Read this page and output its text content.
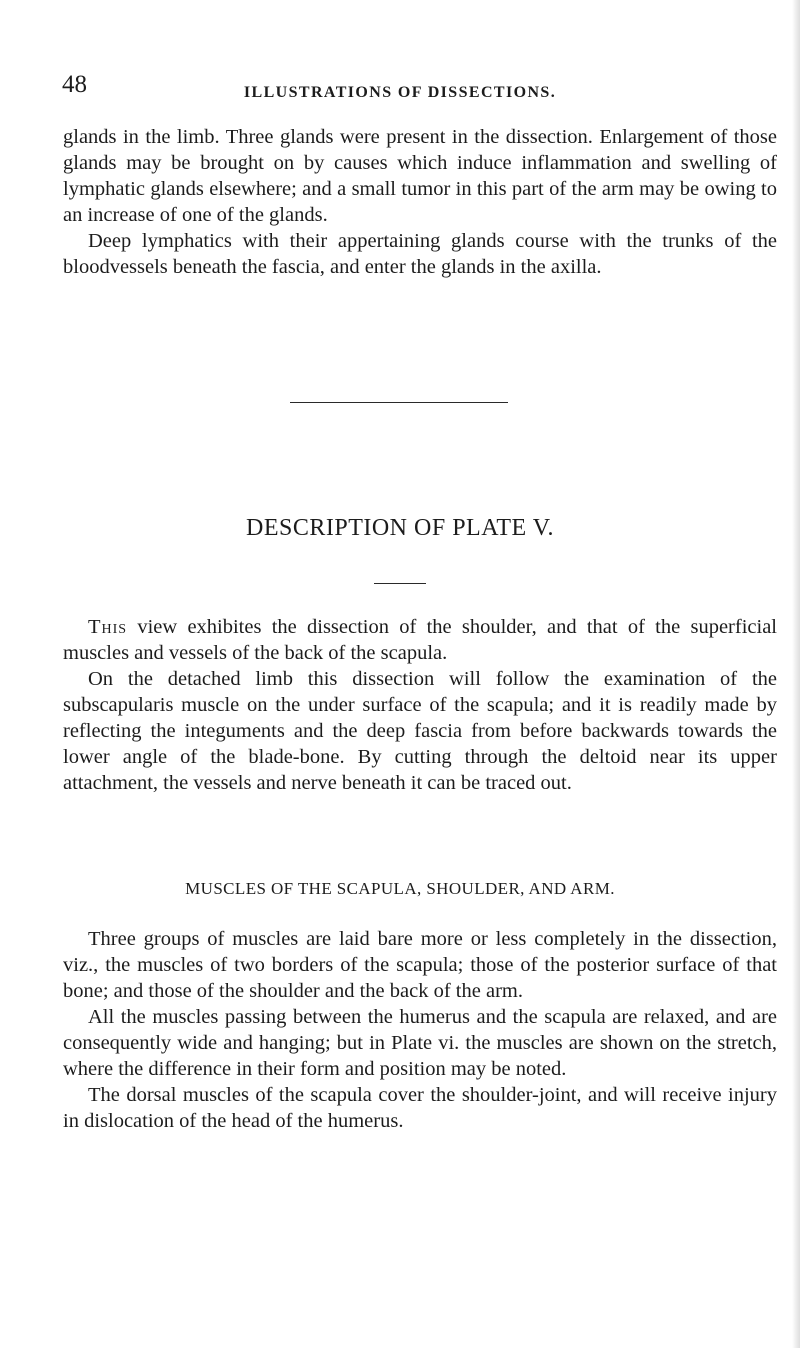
48	ILLUSTRATIONS OF DISSECTIONS.

glands in the limb. Three glands were present in the dissection. Enlargement of those glands may be brought on by causes which induce inflammation and swelling of lymphatic glands elsewhere; and a small tumor in this part of the arm may be owing to an increase of one of the glands.

Deep lymphatics with their appertaining glands course with the trunks of the bloodvessels beneath the fascia, and enter the glands in the axilla.

DESCRIPTION OF PLATE V.

This view exhibites the dissection of the shoulder, and that of the superficial muscles and vessels of the back of the scapula.

On the detached limb this dissection will follow the examination of the subscapularis muscle on the under surface of the scapula; and it is readily made by reflecting the integuments and the deep fascia from before backwards towards the lower angle of the blade-bone. By cutting through the deltoid near its upper attachment, the vessels and nerve beneath it can be traced out.

MUSCLES OF THE SCAPULA, SHOULDER, AND ARM.

Three groups of muscles are laid bare more or less completely in the dissection, viz., the muscles of two borders of the scapula; those of the posterior surface of that bone; and those of the shoulder and the back of the arm.

All the muscles passing between the humerus and the scapula are relaxed, and are consequently wide and hanging; but in Plate vi. the muscles are shown on the stretch, where the difference in their form and position may be noted.

The dorsal muscles of the scapula cover the shoulder-joint, and will receive injury in dislocation of the head of the humerus.
